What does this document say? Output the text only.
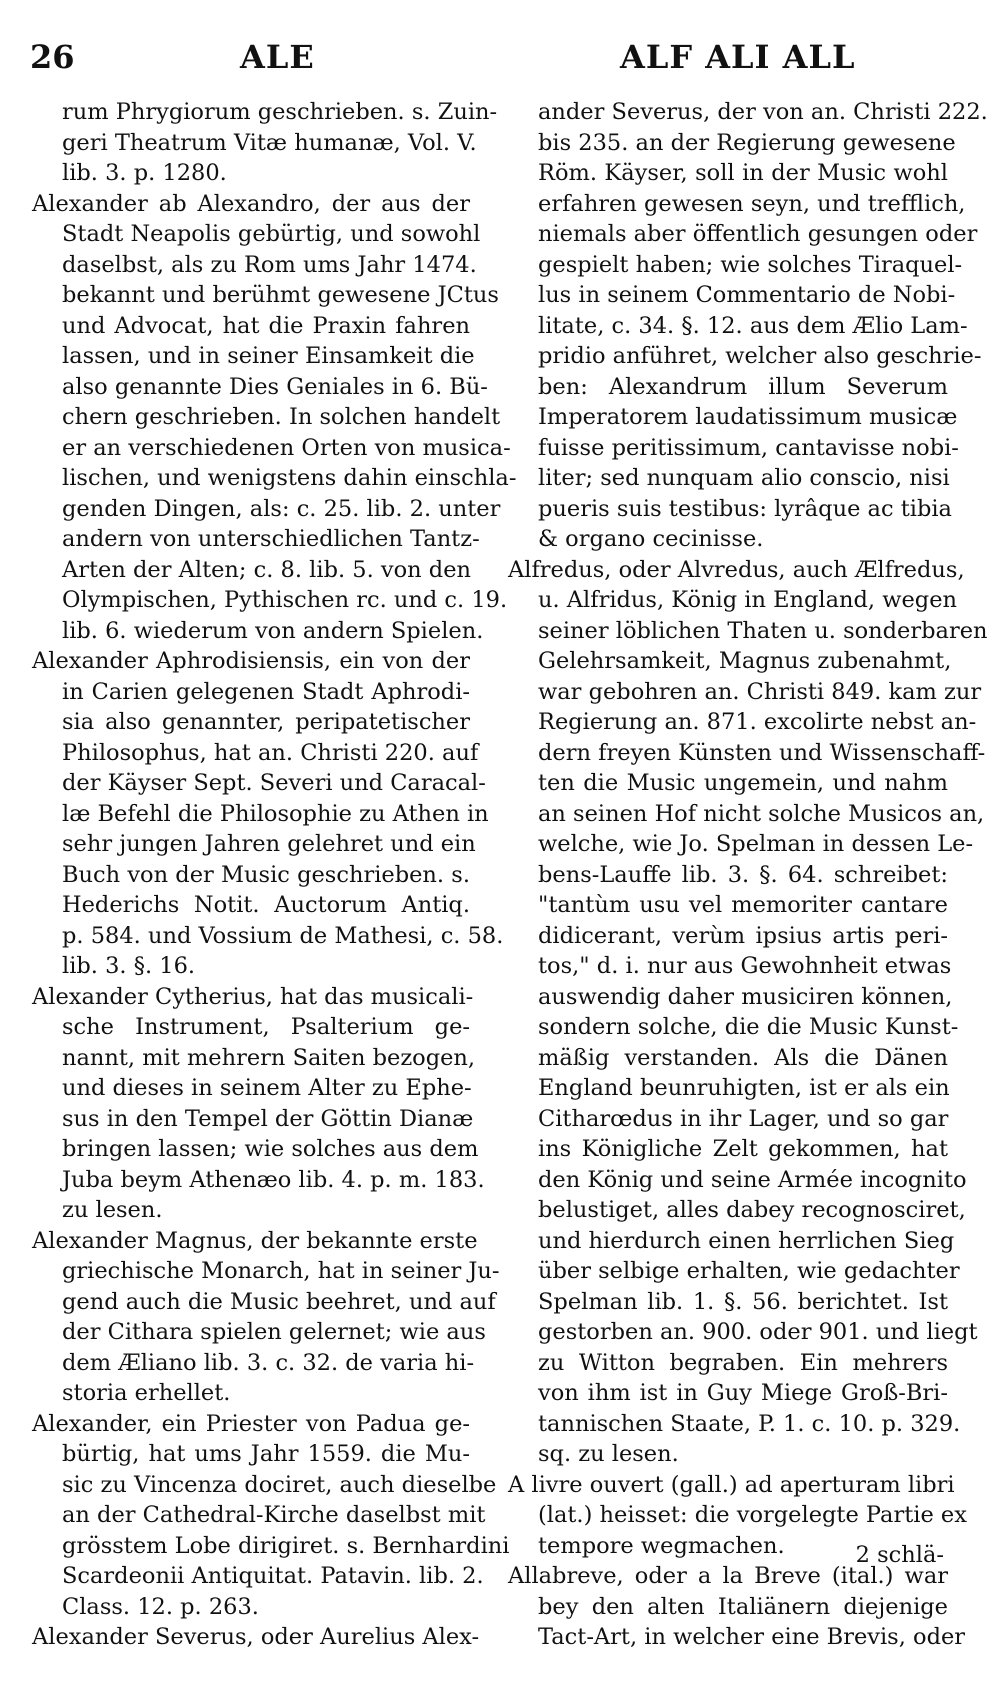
26	ALE	ALF ALI ALL
rum Phrygiorum geschrieben. s. Zuin-
geri Theatrum Vitæ humanæ, Vol. V.
lib. 3. p. 1280.
Alexander ab Alexandro, der aus der
Stadt Neapolis gebürtig, und sowohl
daselbst, als zu Rom ums Jahr 1474.
bekannt und berühmt gewesene JCtus
und Advocat, hat die Praxin fahren
lassen, und in seiner Einsamkeit die
also genannte Dies Geniales in 6. Bü-
chern geschrieben. In solchen handelt
er an verschiedenen Orten von musica-
lischen, und wenigstens dahin einschla-
genden Dingen, als: c. 25. lib. 2. unter
andern von unterschiedlichen Tantz-
Arten der Alten; c. 8. lib. 5. von den
Olympischen, Pythischen rc. und c. 19.
lib. 6. wiederum von andern Spielen.
Alexander Aphrodisiensis, ein von der
in Carien gelegenen Stadt Aphrodi-
sia also genannter, peripatetischer
Philosophus, hat an. Christi 220. auf
der Käyser Sept. Severi und Caracal-
læ Befehl die Philosophie zu Athen in
sehr jungen Jahren gelehret und ein
Buch von der Music geschrieben. s.
Hederichs Notit. Auctorum Antiq.
p. 584. und Vossium de Mathesi, c. 58.
lib. 3. §. 16.
Alexander Cytherius, hat das musicali-
sche Instrument, Psalterium ge-
nannt, mit mehrern Saiten bezogen,
und dieses in seinem Alter zu Ephe-
sus in den Tempel der Göttin Dianæ
bringen lassen; wie solches aus dem
Juba beym Athenæo lib. 4. p. m. 183.
zu lesen.
Alexander Magnus, der bekannte erste
griechische Monarch, hat in seiner Ju-
gend auch die Music beehret, und auf
der Cithara spielen gelernet; wie aus
dem Æliano lib. 3. c. 32. de varia hi-
storia erhellet.
Alexander, ein Priester von Padua ge-
bürtig, hat ums Jahr 1559. die Mu-
sic zu Vincenza dociret, auch dieselbe
an der Cathedral-Kirche daselbst mit
grösstem Lobe dirigiret. s. Bernhardini
Scardeonii Antiquitat. Patavin. lib. 2.
Class. 12. p. 263.
Alexander Severus, oder Aurelius Alex-
ander Severus, der von an. Christi 222.
bis 235. an der Regierung gewesene
Röm. Käyser, soll in der Music wohl
erfahren gewesen seyn, und trefflich,
niemals aber öffentlich gesungen oder
gespielt haben; wie solches Tiraquel-
lus in seinem Commentario de Nobi-
litate, c. 34. §. 12. aus dem Ælio Lam-
pridio anführet, welcher also geschrie-
ben: Alexandrum illum Severum
Imperatorem laudatissimum musicæ
fuisse peritissimum, cantavisse nobi-
liter; sed nunquam alio conscio, nisi
pueris suis testibus: lyrâque ac tibia
& organo cecinisse.
Alfredus, oder Alvredus, auch Ælfredus,
u. Alfridus, König in England, wegen
seiner löblichen Thaten u. sonderbaren
Gelehrsamkeit, Magnus zubenahmt,
war gebohren an. Christi 849. kam zur
Regierung an. 871. excolirte nebst an-
dern freyen Künsten und Wissenschaff-
ten die Music ungemein, und nahm
an seinen Hof nicht solche Musicos an,
welche, wie Jo. Spelman in dessen Le-
bens-Lauffe lib. 3. §. 64. schreibet:
"tantùm usu vel memoriter cantare
didicerant, verùm ipsius artis peri-
tos," d. i. nur aus Gewohnheit etwas
auswendig daher musiciren können,
sondern solche, die die Music Kunst-
mäßig verstanden. Als die Dänen
England beunruhigten, ist er als ein
Citharœdus in ihr Lager, und so gar
ins Königliche Zelt gekommen, hat
den König und seine Armée incognito
belustiget, alles dabey recognosciret,
und hierdurch einen herrlichen Sieg
über selbige erhalten, wie gedachter
Spelman lib. 1. §. 56. berichtet. Ist
gestorben an. 900. oder 901. und liegt
zu Witton begraben. Ein mehrers
von ihm ist in Guy Miege Groß-Bri-
tannischen Staate, P. 1. c. 10. p. 329.
sq. zu lesen.
A livre ouvert (gall.) ad aperturam libri
(lat.) heisset: die vorgelegte Partie ex
tempore wegmachen.
Allabreve, oder a la Breve (ital.) war
bey den alten Italiänern diejenige
Tact-Art, in welcher eine Brevis, oder
2 schlä-
